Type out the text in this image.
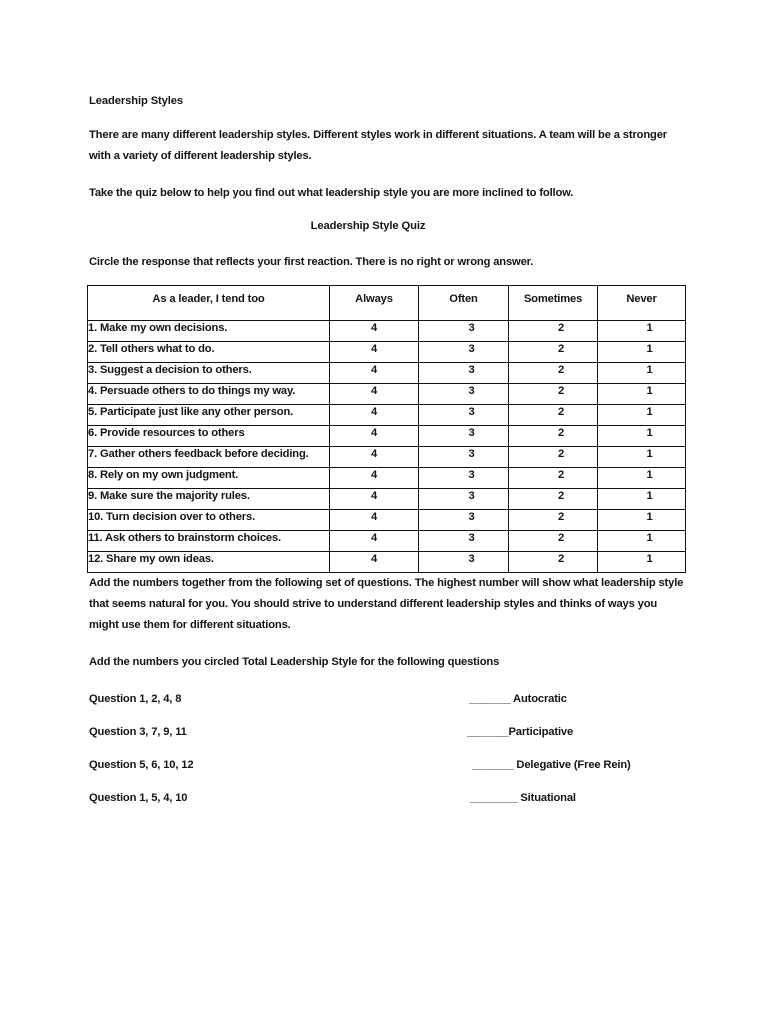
Leadership Styles

There are many different leadership styles. Different styles work in different situations. A team will be a stronger with a variety of different leadership styles.

Take the quiz below to help you find out what leadership style you are more inclined to follow.

Leadership Style Quiz
Circle the response that reflects your first reaction. There is no right or wrong answer.
As a leader, I tend too	Always	Often	Sometimes	Never
1. Make my own decisions.	4	3	2	1
2. Tell others what to do.	4	3	2	1
3. Suggest a decision to others.	4	3	2	1
4. Persuade others to do things my way.	4	3	2	1
5. Participate just like any other person.	4	3	2	1
6. Provide resources to others	4	3	2	1
7. Gather others feedback before deciding.	4	3	2	1
8. Rely on my own judgment.	4	3	2	1
9. Make sure the majority rules.	4	3	2	1
10. Turn decision over to others.	4	3	2	1
11. Ask others to brainstorm choices.	4	3	2	1
12. Share my own ideas.	4	3	2	1

Add the numbers together from the following set of questions. The highest number will show what leadership style that seems natural for you. You should strive to understand different leadership styles and thinks of ways you might use them for different situations.

Add the numbers you circled Total Leadership Style for the following questions

Question 1, 2, 4, 8	_______ Autocratic
Question 3, 7, 9, 11	_______ Participative
Question 5, 6, 10, 12	_______ Delegative (Free Rein)
Question 1, 5, 4, 10	________ Situational
